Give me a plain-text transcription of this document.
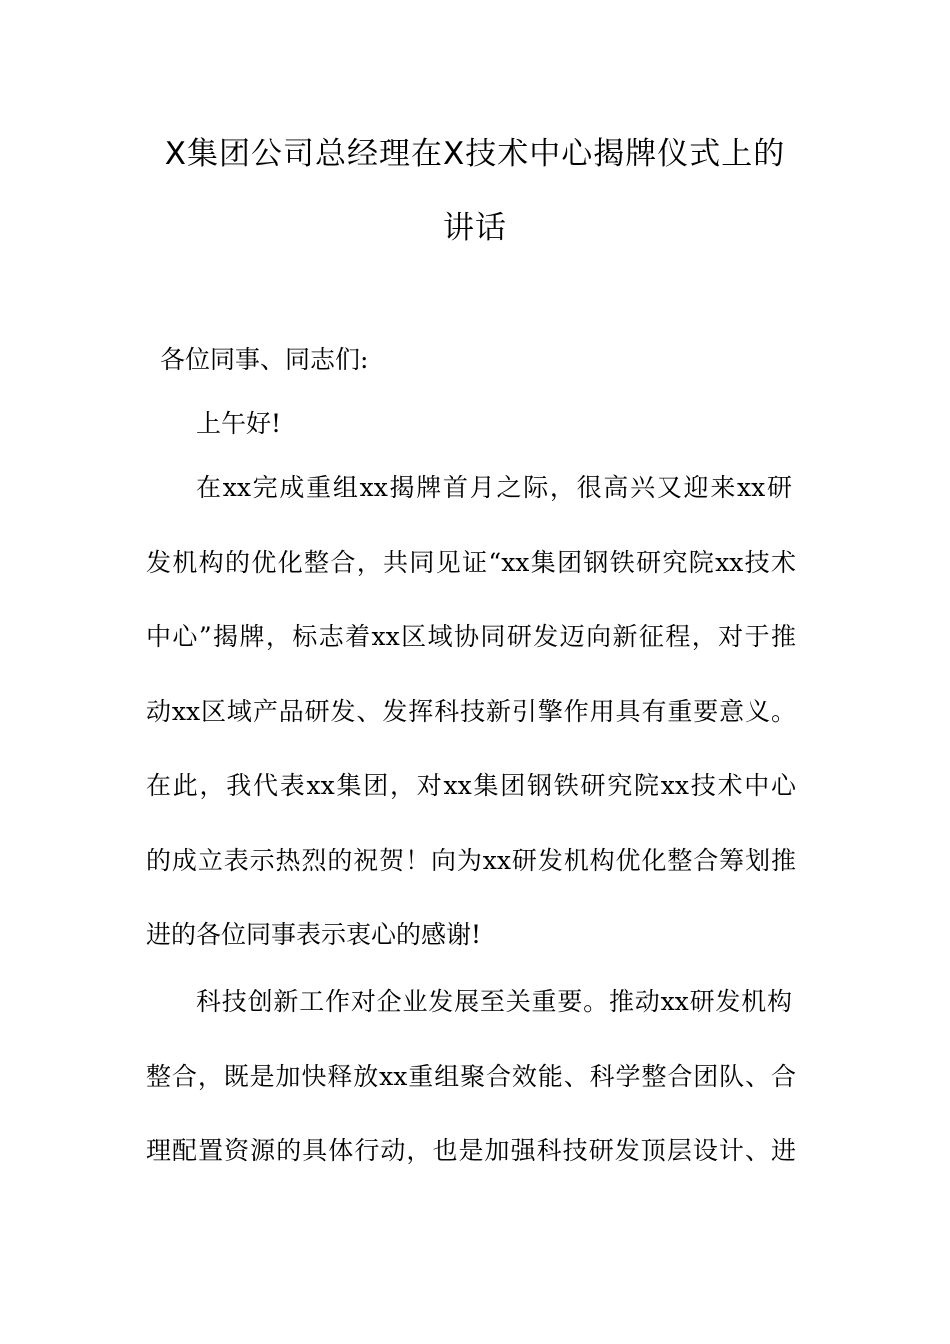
X集团公司总经理在X技术中心揭牌仪式上的
讲话
各位同事、同志们:
上午好!
在xx完成重组xx揭牌首月之际，很高兴又迎来xx研
发机构的优化整合，共同见证“xx集团钢铁研究院xx技术
中心”揭牌，标志着xx区域协同研发迈向新征程，对于推
动xx区域产品研发、发挥科技新引擎作用具有重要意义。
在此，我代表xx集团，对xx集团钢铁研究院xx技术中心
的成立表示热烈的祝贺！向为xx研发机构优化整合筹划推
进的各位同事表示衷心的感谢!
科技创新工作对企业发展至关重要。推动xx研发机构
整合，既是加快释放xx重组聚合效能、科学整合团队、合
理配置资源的具体行动，也是加强科技研发顶层设计、进
